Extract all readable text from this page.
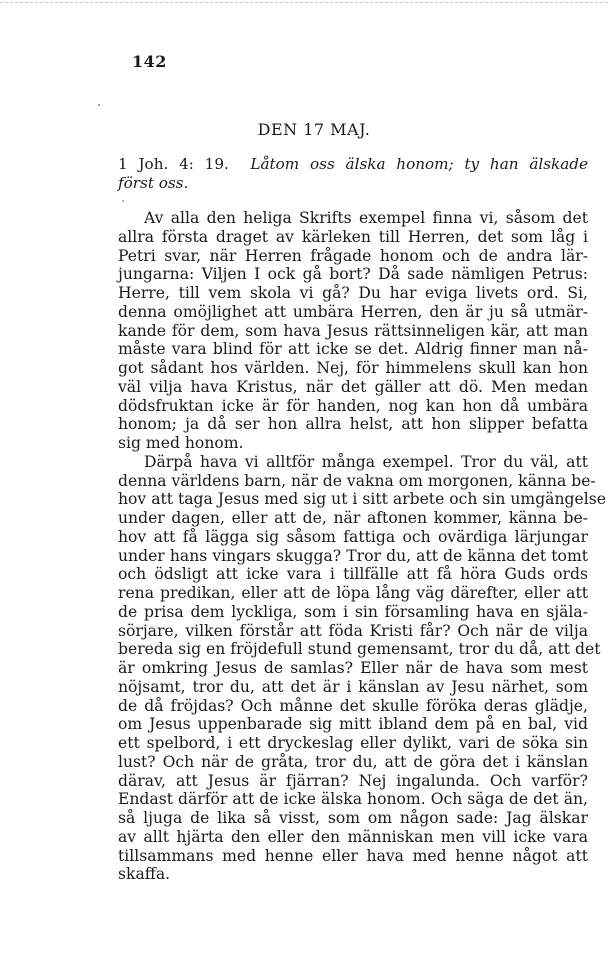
142
DEN 17 MAJ.
1 Joh. 4: 19. Låtom oss älska honom; ty han älskade
först oss.
Av alla den heliga Skrifts exempel finna vi, såsom det
allra första draget av kärleken till Herren, det som låg i
Petri svar, när Herren frågade honom och de andra lär-
jungarna: Viljen I ock gå bort? Då sade nämligen Petrus:
Herre, till vem skola vi gå? Du har eviga livets ord. Si,
denna omöjlighet att umbära Herren, den är ju så utmär-
kande för dem, som hava Jesus rättsinneligen kär, att man
måste vara blind för att icke se det. Aldrig finner man nå-
got sådant hos världen. Nej, för himmelens skull kan hon
väl vilja hava Kristus, när det gäller att dö. Men medan
dödsfruktan icke är för handen, nog kan hon då umbära
honom; ja då ser hon allra helst, att hon slipper befatta
sig med honom.
Därpå hava vi alltför många exempel. Tror du väl, att
denna världens barn, när de vakna om morgonen, känna be-
hov att taga Jesus med sig ut i sitt arbete och sin umgängelse
under dagen, eller att de, när aftonen kommer, känna be-
hov att få lägga sig såsom fattiga och ovärdiga lärjungar
under hans vingars skugga? Tror du, att de känna det tomt
och ödsligt att icke vara i tillfälle att få höra Guds ords
rena predikan, eller att de löpa lång väg därefter, eller att
de prisa dem lyckliga, som i sin församling hava en själa-
sörjare, vilken förstår att föda Kristi får? Och när de vilja
bereda sig en fröjdefull stund gemensamt, tror du då, att det
är omkring Jesus de samlas? Eller när de hava som mest
nöjsamt, tror du, att det är i känslan av Jesu närhet, som
de då fröjdas? Och månne det skulle föröka deras glädje,
om Jesus uppenbarade sig mitt ibland dem på en bal, vid
ett spelbord, i ett dryckeslag eller dylikt, vari de söka sin
lust? Och när de gråta, tror du, att de göra det i känslan
därav, att Jesus är fjärran? Nej ingalunda. Och varför?
Endast därför att de icke älska honom. Och säga de det än,
så ljuga de lika så visst, som om någon sade: Jag älskar
av allt hjärta den eller den människan men vill icke vara
tillsammans med henne eller hava med henne något att
skaffa.
